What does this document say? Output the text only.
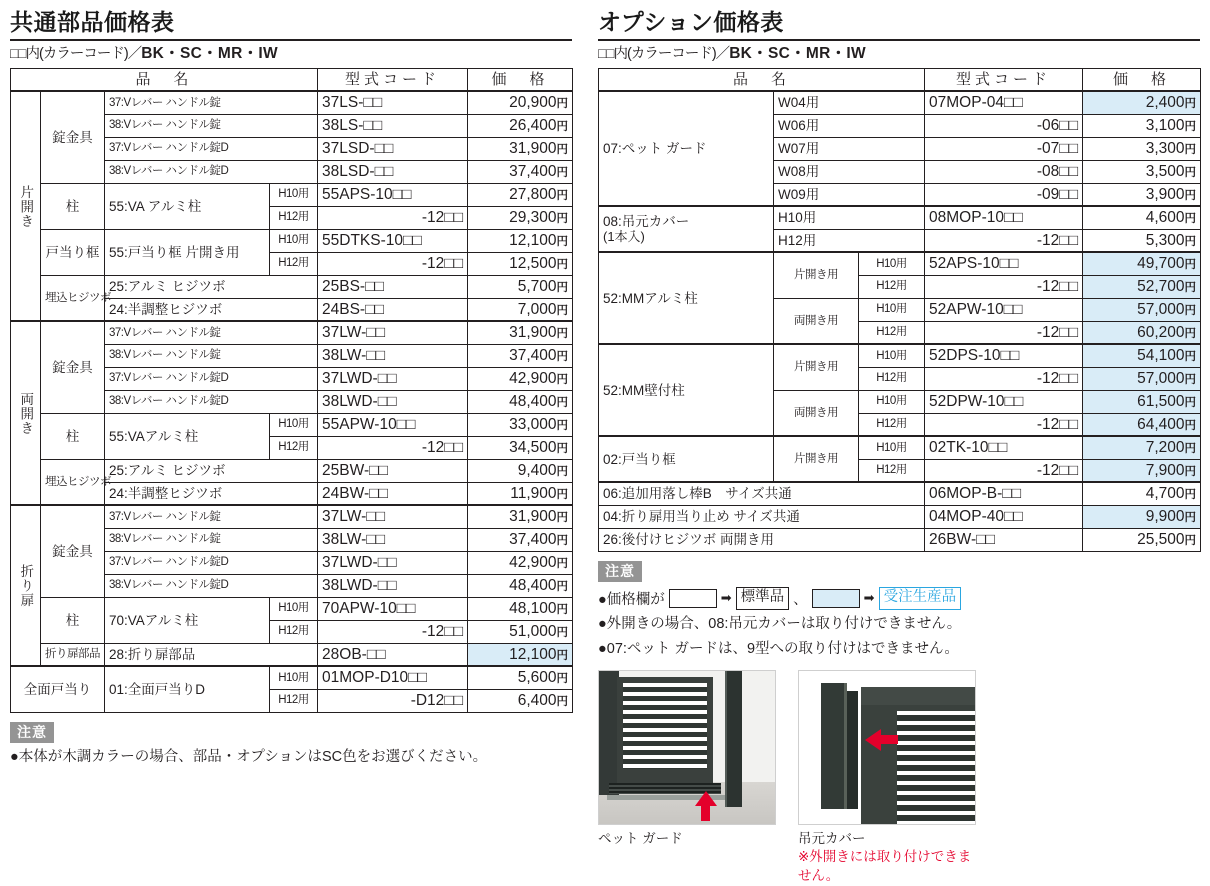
共通部品価格表
□□内(カラーコード)／BK・SC・MR・IW
品　名				型式コード	価　格

片開き	錠金具	37:Vレバー ハンドル錠		37LS-□□	20,900円
		38:Vレバー ハンドル錠		38LS-□□	26,400円
		37:Vレバー ハンドル錠D		37LSD-□□	31,900円
		38:Vレバー ハンドル錠D		38LSD-□□	37,400円
	柱	55:VA アルミ柱	H10用	55APS-10□□	27,800円
			H12用	-12□□	29,300円
	戸当り框	55:戸当り框 片開き用	H10用	55DTKS-10□□	12,100円
			H12用	-12□□	12,500円
	埋込ヒジツボ	25:アルミ ヒジツボ		25BS-□□	5,700円
		24:半調整ヒジツボ		24BS-□□	7,000円

両開き	錠金具	37:Vレバー ハンドル錠		37LW-□□	31,900円
		38:Vレバー ハンドル錠		38LW-□□	37,400円
		37:Vレバー ハンドル錠D		37LWD-□□	42,900円
		38:Vレバー ハンドル錠D		38LWD-□□	48,400円
	柱	55:VAアルミ柱	H10用	55APW-10□□	33,000円
			H12用	-12□□	34,500円
	埋込ヒジツボ	25:アルミ ヒジツボ		25BW-□□	9,400円
		24:半調整ヒジツボ		24BW-□□	11,900円

折り扉	錠金具	37:Vレバー ハンドル錠		37LW-□□	31,900円
		38:Vレバー ハンドル錠		38LW-□□	37,400円
		37:Vレバー ハンドル錠D		37LWD-□□	42,900円
		38:Vレバー ハンドル錠D		38LWD-□□	48,400円
	柱	70:VAアルミ柱	H10用	70APW-10□□	48,100円
			H12用	-12□□	51,000円
	折り扉部品	28:折り扉部品		28OB-□□	12,100円
全面戸当り		01:全面戸当りD	H10用	01MOP-D10□□	5,600円
			H12用	-D12□□	6,400円
注意
●本体が木調カラーの場合、部品・オプションはSC色をお選びください。
オプション価格表
□□内(カラーコード)／BK・SC・MR・IW
品　名			型式コード	価　格

07:ペット ガード	W04用		07MOP-04□□	2,400円
	W06用		-06□□	3,100円
	W07用		-07□□	3,300円
	W08用		-08□□	3,500円
	W09用		-09□□	3,900円

08:吊元カバー
(1本入)	H10用		08MOP-10□□	4,600円
	H12用		-12□□	5,300円

52:MMアルミ柱	片開き用	H10用	52APS-10□□	49,700円
		H12用	-12□□	52,700円
	両開き用	H10用	52APW-10□□	57,000円
		H12用	-12□□	60,200円

52:MM壁付柱	片開き用	H10用	52DPS-10□□	54,100円
		H12用	-12□□	57,000円
	両開き用	H10用	52DPW-10□□	61,500円
		H12用	-12□□	64,400円

02:戸当り框	片開き用	H10用	02TK-10□□	7,200円
		H12用	-12□□	7,900円
06:追加用落し棒B　サイズ共通			06MOP-B-□□	4,700円
04:折り扉用当り止め サイズ共通			04MOP-40□□	9,900円
26:後付けヒジツボ 両開き用			26BW-□□	25,500円
注意
●価格欄が	➡ 標準品 、	➡ 受注生産品
●外開きの場合、08:吊元カバーは取り付けできません。
●07:ペット ガードは、9型への取り付けはできません。
ペット ガード	吊元カバー
※外開きには取り付けできません。
